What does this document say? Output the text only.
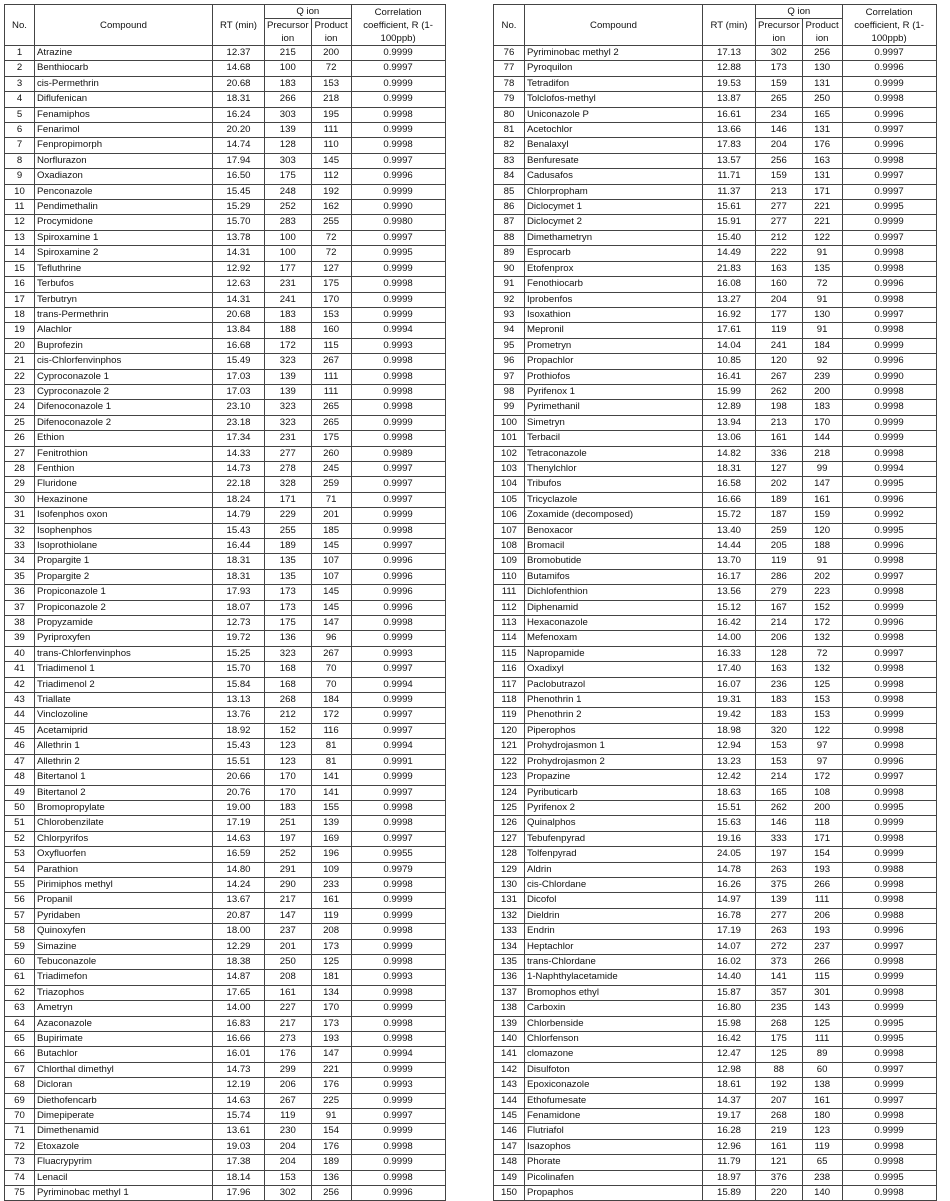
No.	Compound	RT (min)	Q ion		Correlation coefficient, R (1-100ppb)
			Precursor ion	Product ion	
1	Atrazine	12.37	215	200	0.9999
2	Benthiocarb	14.68	100	72	0.9997
3	cis-Permethrin	20.68	183	153	0.9999
4	Diflufenican	18.31	266	218	0.9999
5	Fenamiphos	16.24	303	195	0.9998
6	Fenarimol	20.20	139	111	0.9999
7	Fenpropimorph	14.74	128	110	0.9998
8	Norflurazon	17.94	303	145	0.9997
9	Oxadiazon	16.50	175	112	0.9996
10	Penconazole	15.45	248	192	0.9999
11	Pendimethalin	15.29	252	162	0.9990
12	Procymidone	15.70	283	255	0.9980
13	Spiroxamine 1	13.78	100	72	0.9997
14	Spiroxamine 2	14.31	100	72	0.9995
15	Tefluthrine	12.92	177	127	0.9999
16	Terbufos	12.63	231	175	0.9998
17	Terbutryn	14.31	241	170	0.9999
18	trans-Permethrin	20.68	183	153	0.9999
19	Alachlor	13.84	188	160	0.9994
20	Buprofezin	16.68	172	115	0.9993
21	cis-Chlorfenvinphos	15.49	323	267	0.9998
22	Cyproconazole 1	17.03	139	111	0.9998
23	Cyproconazole 2	17.03	139	111	0.9998
24	Difenoconazole 1	23.10	323	265	0.9998
25	Difenoconazole 2	23.18	323	265	0.9999
26	Ethion	17.34	231	175	0.9998
27	Fenitrothion	14.33	277	260	0.9989
28	Fenthion	14.73	278	245	0.9997
29	Fluridone	22.18	328	259	0.9997
30	Hexazinone	18.24	171	71	0.9997
31	Isofenphos oxon	14.79	229	201	0.9999
32	Isophenphos	15.43	255	185	0.9998
33	Isoprothiolane	16.44	189	145	0.9997
34	Propargite 1	18.31	135	107	0.9996
35	Propargite 2	18.31	135	107	0.9996
36	Propiconazole 1	17.93	173	145	0.9996
37	Propiconazole 2	18.07	173	145	0.9996
38	Propyzamide	12.73	175	147	0.9998
39	Pyriproxyfen	19.72	136	96	0.9999
40	trans-Chlorfenvinphos	15.25	323	267	0.9993
41	Triadimenol 1	15.70	168	70	0.9997
42	Triadimenol 2	15.84	168	70	0.9994
43	Triallate	13.13	268	184	0.9999
44	Vinclozoline	13.76	212	172	0.9997
45	Acetamiprid	18.92	152	116	0.9997
46	Allethrin 1	15.43	123	81	0.9994
47	Allethrin 2	15.51	123	81	0.9991
48	Bitertanol 1	20.66	170	141	0.9999
49	Bitertanol 2	20.76	170	141	0.9997
50	Bromopropylate	19.00	183	155	0.9998
51	Chlorobenzilate	17.19	251	139	0.9998
52	Chlorpyrifos	14.63	197	169	0.9997
53	Oxyfluorfen	16.59	252	196	0.9955
54	Parathion	14.80	291	109	0.9979
55	Pirimiphos methyl	14.24	290	233	0.9998
56	Propanil	13.67	217	161	0.9999
57	Pyridaben	20.87	147	119	0.9999
58	Quinoxyfen	18.00	237	208	0.9998
59	Simazine	12.29	201	173	0.9999
60	Tebuconazole	18.38	250	125	0.9998
61	Triadimefon	14.87	208	181	0.9993
62	Triazophos	17.65	161	134	0.9998
63	Ametryn	14.00	227	170	0.9999
64	Azaconazole	16.83	217	173	0.9998
65	Bupirimate	16.66	273	193	0.9998
66	Butachlor	16.01	176	147	0.9994
67	Chlorthal dimethyl	14.73	299	221	0.9999
68	Dicloran	12.19	206	176	0.9993
69	Diethofencarb	14.63	267	225	0.9999
70	Dimepiperate	15.74	119	91	0.9997
71	Dimethenamid	13.61	230	154	0.9999
72	Etoxazole	19.03	204	176	0.9998
73	Fluacrypyrim	17.38	204	189	0.9999
74	Lenacil	18.14	153	136	0.9998
75	Pyriminobac methyl 1	17.96	302	256	0.9996
No.	Compound	RT (min)	Q ion		Correlation coefficient, R (1-100ppb)
			Precursor ion	Product ion	
76	Pyriminobac methyl 2	17.13	302	256	0.9997
77	Pyroquilon	12.88	173	130	0.9996
78	Tetradifon	19.53	159	131	0.9999
79	Tolclofos-methyl	13.87	265	250	0.9998
80	Uniconazole P	16.61	234	165	0.9996
81	Acetochlor	13.66	146	131	0.9997
82	Benalaxyl	17.83	204	176	0.9996
83	Benfuresate	13.57	256	163	0.9998
84	Cadusafos	11.71	159	131	0.9997
85	Chlorpropham	11.37	213	171	0.9997
86	Diclocymet 1	15.61	277	221	0.9995
87	Diclocymet 2	15.91	277	221	0.9999
88	Dimethametryn	15.40	212	122	0.9997
89	Esprocarb	14.49	222	91	0.9998
90	Etofenprox	21.83	163	135	0.9998
91	Fenothiocarb	16.08	160	72	0.9996
92	Iprobenfos	13.27	204	91	0.9998
93	Isoxathion	16.92	177	130	0.9997
94	Mepronil	17.61	119	91	0.9998
95	Prometryn	14.04	241	184	0.9999
96	Propachlor	10.85	120	92	0.9996
97	Prothiofos	16.41	267	239	0.9990
98	Pyrifenox 1	15.99	262	200	0.9998
99	Pyrimethanil	12.89	198	183	0.9998
100	Simetryn	13.94	213	170	0.9999
101	Terbacil	13.06	161	144	0.9999
102	Tetraconazole	14.82	336	218	0.9998
103	Thenylchlor	18.31	127	99	0.9994
104	Tribufos	16.58	202	147	0.9995
105	Tricyclazole	16.66	189	161	0.9996
106	Zoxamide (decomposed)	15.72	187	159	0.9992
107	Benoxacor	13.40	259	120	0.9995
108	Bromacil	14.44	205	188	0.9996
109	Bromobutide	13.70	119	91	0.9998
110	Butamifos	16.17	286	202	0.9997
111	Dichlofenthion	13.56	279	223	0.9998
112	Diphenamid	15.12	167	152	0.9999
113	Hexaconazole	16.42	214	172	0.9996
114	Mefenoxam	14.00	206	132	0.9998
115	Napropamide	16.33	128	72	0.9997
116	Oxadixyl	17.40	163	132	0.9998
117	Paclobutrazol	16.07	236	125	0.9998
118	Phenothrin 1	19.31	183	153	0.9998
119	Phenothrin 2	19.42	183	153	0.9999
120	Piperophos	18.98	320	122	0.9998
121	Prohydrojasmon 1	12.94	153	97	0.9998
122	Prohydrojasmon 2	13.23	153	97	0.9996
123	Propazine	12.42	214	172	0.9997
124	Pyributicarb	18.63	165	108	0.9998
125	Pyrifenox 2	15.51	262	200	0.9995
126	Quinalphos	15.63	146	118	0.9999
127	Tebufenpyrad	19.16	333	171	0.9998
128	Tolfenpyrad	24.05	197	154	0.9999
129	Aldrin	14.78	263	193	0.9988
130	cis-Chlordane	16.26	375	266	0.9998
131	Dicofol	14.97	139	111	0.9998
132	Dieldrin	16.78	277	206	0.9988
133	Endrin	17.19	263	193	0.9996
134	Heptachlor	14.07	272	237	0.9997
135	trans-Chlordane	16.02	373	266	0.9998
136	1-Naphthylacetamide	14.40	141	115	0.9999
137	Bromophos ethyl	15.87	357	301	0.9998
138	Carboxin	16.80	235	143	0.9999
139	Chlorbenside	15.98	268	125	0.9995
140	Chlorfenson	16.42	175	111	0.9995
141	clomazone	12.47	125	89	0.9998
142	Disulfoton	12.98	88	60	0.9997
143	Epoxiconazole	18.61	192	138	0.9999
144	Ethofumesate	14.37	207	161	0.9997
145	Fenamidone	19.17	268	180	0.9998
146	Flutriafol	16.28	219	123	0.9999
147	Isazophos	12.96	161	119	0.9998
148	Phorate	11.79	121	65	0.9998
149	Picolinafen	18.97	376	238	0.9995
150	Propaphos	15.89	220	140	0.9998
